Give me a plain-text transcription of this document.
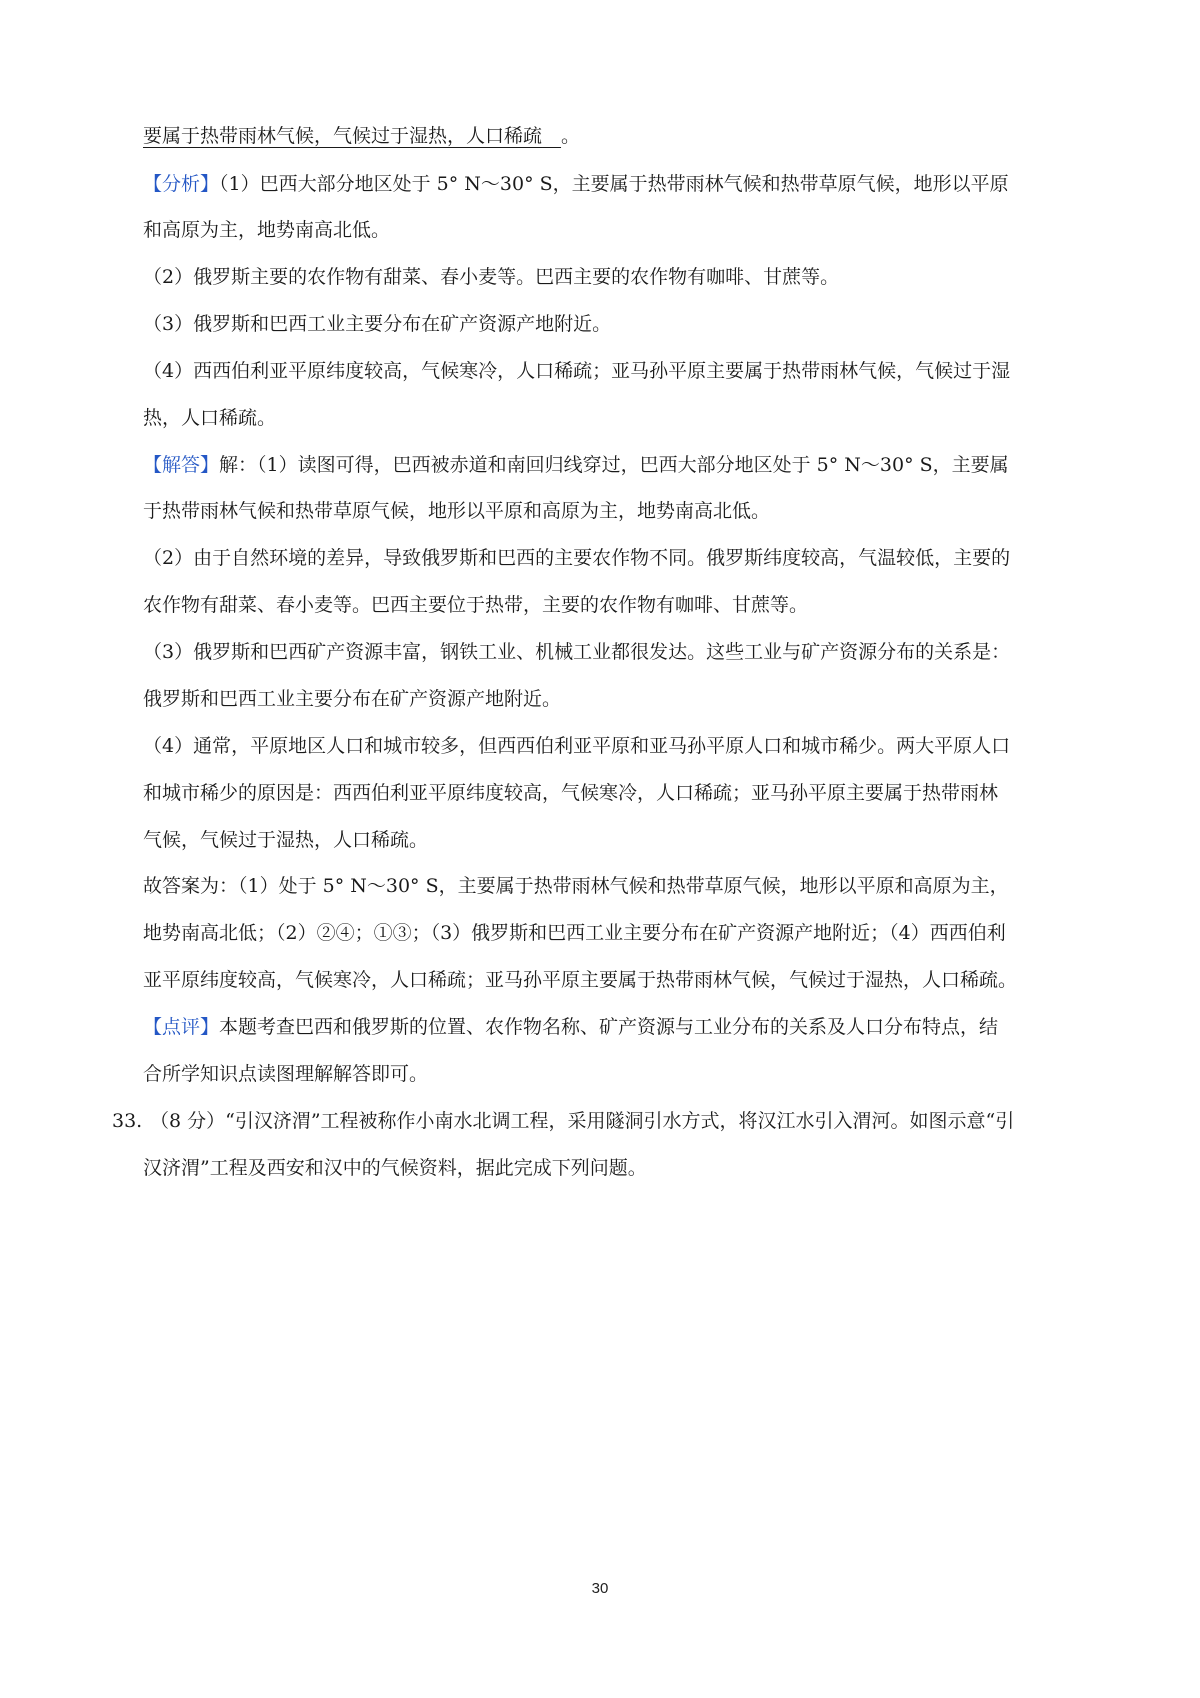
要属于热带雨林气候，气候过于湿热，人口稀疏　 。
【分析】（1）巴西大部分地区处于 5° N～30° S，主要属于热带雨林气候和热带草原气候，地形以平原
和高原为主，地势南高北低。
（2）俄罗斯主要的农作物有甜菜、春小麦等。巴西主要的农作物有咖啡、甘蔗等。
（3）俄罗斯和巴西工业主要分布在矿产资源产地附近。
（4）西西伯利亚平原纬度较高，气候寒冷，人口稀疏；亚马孙平原主要属于热带雨林气候，气候过于湿
热，人口稀疏。
【解答】解：（1）读图可得，巴西被赤道和南回归线穿过，巴西大部分地区处于 5° N～30° S，主要属
于热带雨林气候和热带草原气候，地形以平原和高原为主，地势南高北低。
（2）由于自然环境的差异，导致俄罗斯和巴西的主要农作物不同。俄罗斯纬度较高，气温较低，主要的
农作物有甜菜、春小麦等。巴西主要位于热带，主要的农作物有咖啡、甘蔗等。
（3）俄罗斯和巴西矿产资源丰富，钢铁工业、机械工业都很发达。这些工业与矿产资源分布的关系是：
俄罗斯和巴西工业主要分布在矿产资源产地附近。
（4）通常，平原地区人口和城市较多，但西西伯利亚平原和亚马孙平原人口和城市稀少。两大平原人口
和城市稀少的原因是：西西伯利亚平原纬度较高，气候寒冷，人口稀疏；亚马孙平原主要属于热带雨林
气候，气候过于湿热，人口稀疏。
故答案为：（1）处于 5° N～30° S，主要属于热带雨林气候和热带草原气候，地形以平原和高原为主，
地势南高北低；（2）②④；①③；（3）俄罗斯和巴西工业主要分布在矿产资源产地附近；（4）西西伯利
亚平原纬度较高，气候寒冷，人口稀疏；亚马孙平原主要属于热带雨林气候，气候过于湿热，人口稀疏。
【点评】本题考查巴西和俄罗斯的位置、农作物名称、矿产资源与工业分布的关系及人口分布特点，结
合所学知识点读图理解解答即可。
33. （8 分）“引汉济渭”工程被称作小南水北调工程，采用隧洞引水方式，将汉江水引入渭河。如图示意“引
汉济渭”工程及西安和汉中的气候资料，据此完成下列问题。
30
